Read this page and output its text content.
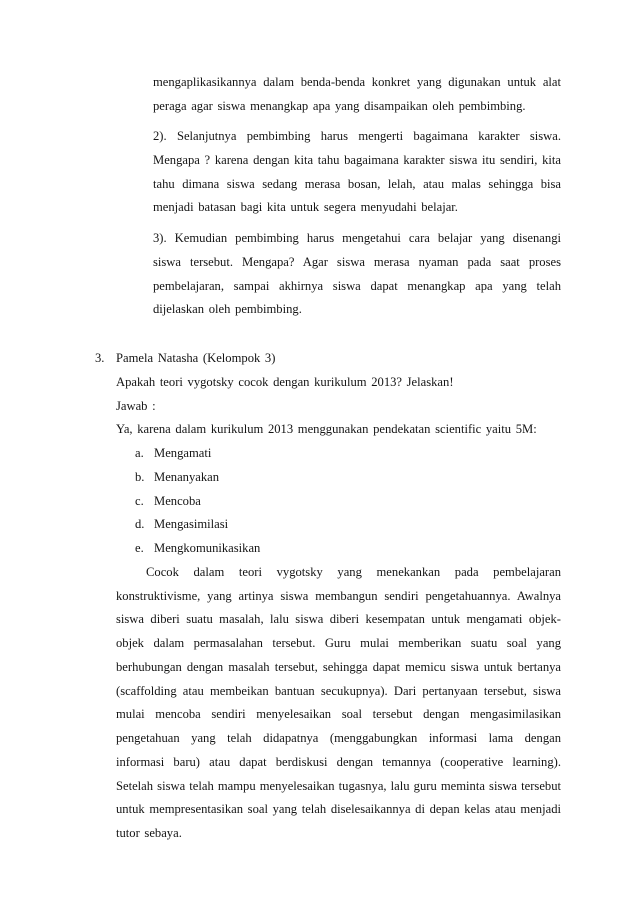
mengaplikasikannya dalam benda-benda konkret yang digunakan untuk alat
peraga agar siswa menangkap apa yang disampaikan oleh pembimbing.
2). Selanjutnya pembimbing harus mengerti bagaimana karakter siswa.
Mengapa ? karena dengan kita tahu bagaimana karakter siswa itu sendiri, kita
tahu dimana siswa sedang merasa bosan, lelah, atau malas sehingga bisa
menjadi batasan bagi kita untuk segera menyudahi belajar.
3). Kemudian pembimbing harus mengetahui cara belajar yang disenangi
siswa tersebut. Mengapa? Agar siswa merasa nyaman pada saat proses
pembelajaran, sampai akhirnya siswa dapat menangkap apa yang telah
dijelaskan oleh pembimbing.
3. Pamela Natasha (Kelompok 3)
Apakah teori vygotsky cocok dengan kurikulum 2013? Jelaskan!
Jawab :
Ya, karena dalam kurikulum 2013 menggunakan pendekatan scientific yaitu 5M:
a. Mengamati
b. Menanyakan
c. Mencoba
d. Mengasimilasi
e. Mengkomunikasikan
Cocok dalam teori vygotsky yang menekankan pada pembelajaran
konstruktivisme, yang artinya siswa membangun sendiri pengetahuannya. Awalnya
siswa diberi suatu masalah, lalu siswa diberi kesempatan untuk mengamati objek-
objek dalam permasalahan tersebut. Guru mulai memberikan suatu soal yang
berhubungan dengan masalah tersebut, sehingga dapat memicu siswa untuk bertanya
(scaffolding atau membeikan bantuan secukupnya). Dari pertanyaan tersebut, siswa
mulai mencoba sendiri menyelesaikan soal tersebut dengan mengasimilasikan
pengetahuan yang telah didapatnya (menggabungkan informasi lama dengan
informasi baru) atau dapat berdiskusi dengan temannya (cooperative learning).
Setelah siswa telah mampu menyelesaikan tugasnya, lalu guru meminta siswa tersebut
untuk mempresentasikan soal yang telah diselesaikannya di depan kelas atau menjadi
tutor sebaya.
